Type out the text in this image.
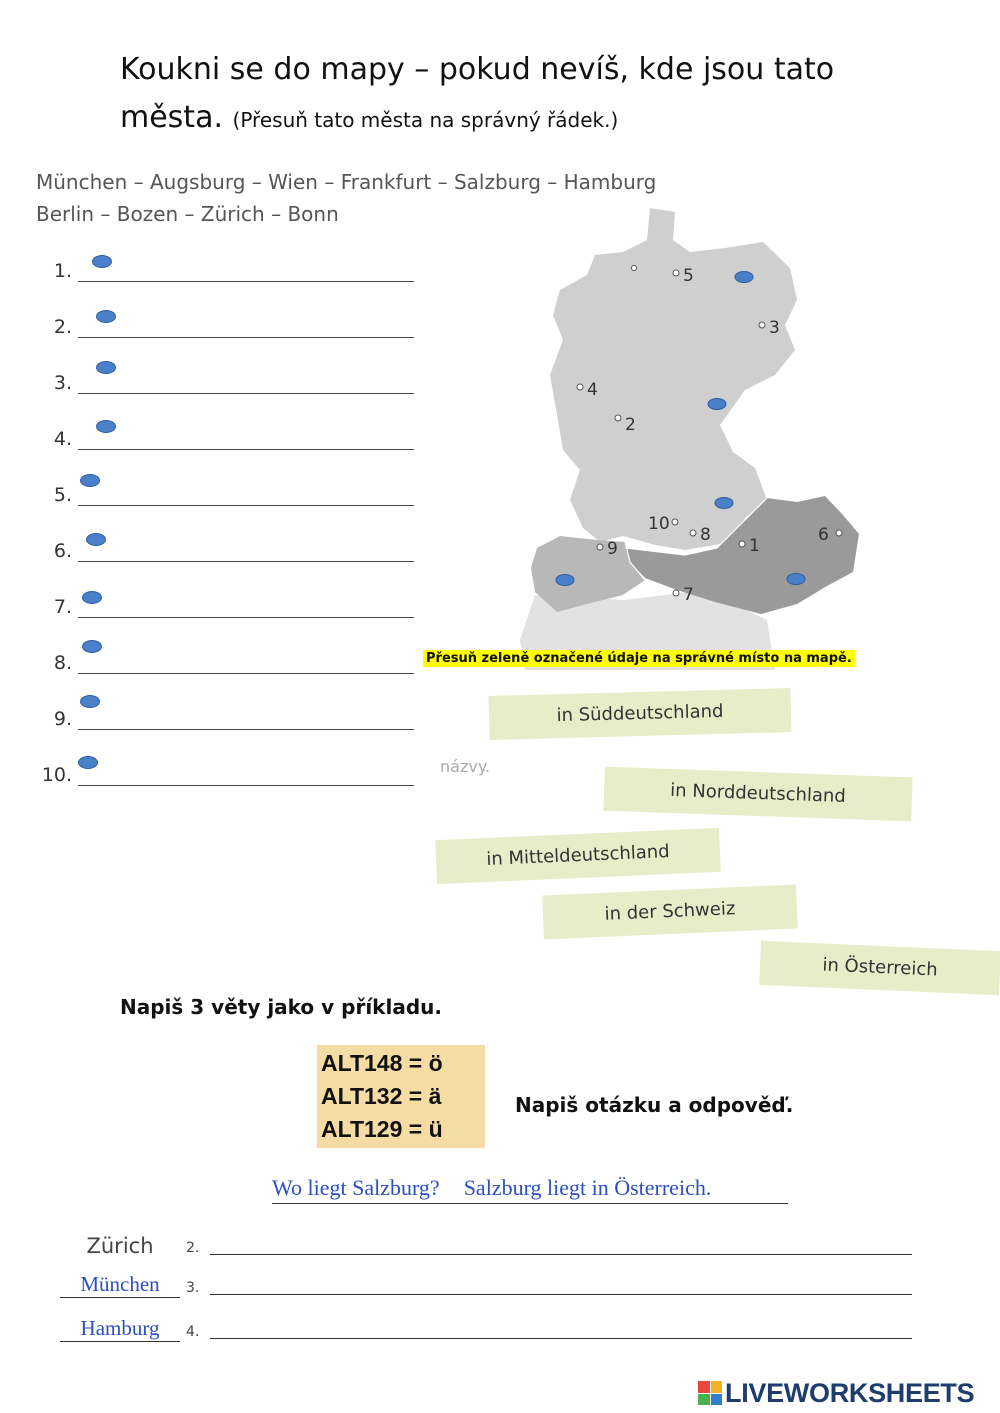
Koukni se do mapy – pokud nevíš, kde jsou tato
města. (Přesuň tato města na správný řádek.)
München – Augsburg – Wien – Frankfurt – Salzburg – Hamburg
Berlin – Bozen – Zürich – Bonn
1.
2.
3.
4.
5.
6.
7.
8.
9.
10.
1
2
3
4
5
6
7
8
9
10
Přesuň zeleně označené údaje na správné místo na mapě.
názvy.
in Süddeutschland
in Norddeutschland
in Mitteldeutschland
in der Schweiz
in Österreich
Napiš 3 věty jako v příkladu.
ALT148 = ö
ALT132 = ä
ALT129 = ü
Napiš otázku a odpověď.
Wo liegt Salzburg? Salzburg liegt in Österreich.
Zürich	2.
München	3.
Hamburg	4.
LIVEWORKSHEETS
